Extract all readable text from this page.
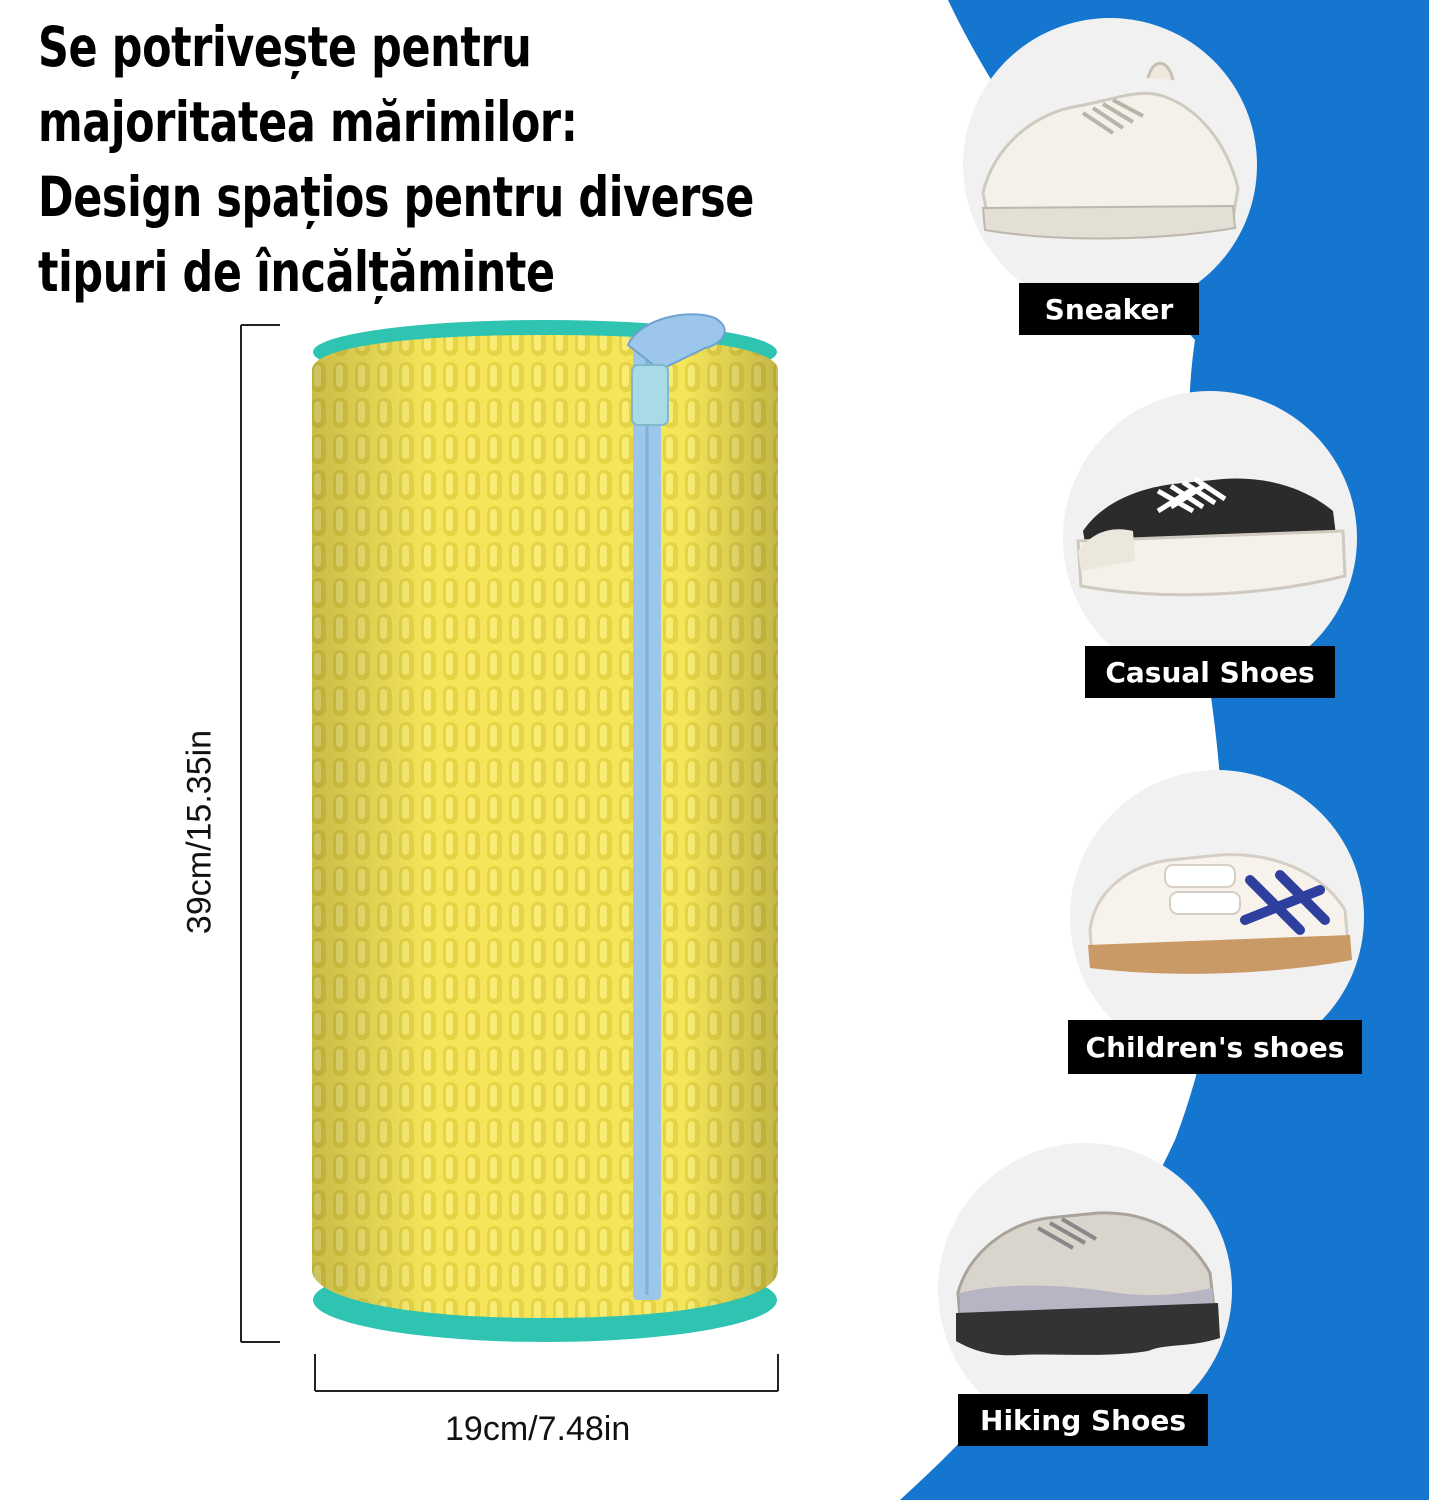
Se potrivește pentru
majoritatea mărimilor:
Design spațios pentru diverse
tipuri de încălțăminte
19cm/7.48in
39cm/15.35in
Sneaker
Casual Shoes
Children's shoes
Hiking Shoes
